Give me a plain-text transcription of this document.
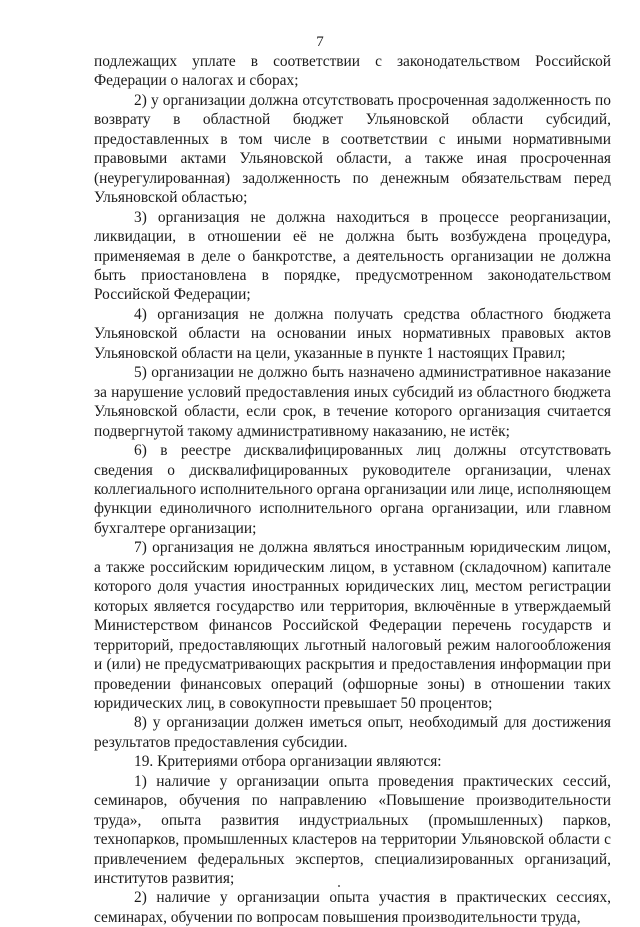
7

подлежащих уплате в соответствии с законодательством Российской Федерации о налогах и сборах;

2) у организации должна отсутствовать просроченная задолженность по возврату в областной бюджет Ульяновской области субсидий, предоставленных в том числе в соответствии с иными нормативными правовыми актами Ульяновской области, а также иная просроченная (неурегулированная) задолженность по денежным обязательствам перед Ульяновской областью;

3) организация не должна находиться в процессе реорганизации, ликвидации, в отношении её не должна быть возбуждена процедура, применяемая в деле о банкротстве, а деятельность организации не должна быть приостановлена в порядке, предусмотренном законодательством Российской Федерации;

4) организация не должна получать средства областного бюджета Ульяновской области на основании иных нормативных правовых актов Ульяновской области на цели, указанные в пункте 1 настоящих Правил;

5) организации не должно быть назначено административное наказание за нарушение условий предоставления иных субсидий из областного бюджета Ульяновской области, если срок, в течение которого организация считается подвергнутой такому административному наказанию, не истёк;

6) в реестре дисквалифицированных лиц должны отсутствовать сведения о дисквалифицированных руководителе организации, членах коллегиального исполнительного органа организации или лице, исполняющем функции единоличного исполнительного органа организации, или главном бухгалтере организации;

7) организация не должна являться иностранным юридическим лицом, а также российским юридическим лицом, в уставном (складочном) капитале которого доля участия иностранных юридических лиц, местом регистрации которых является государство или территория, включённые в утверждаемый Министерством финансов Российской Федерации перечень государств и территорий, предоставляющих льготный налоговый режим налогообложения и (или) не предусматривающих раскрытия и предоставления информации при проведении финансовых операций (офшорные зоны) в отношении таких юридических лиц, в совокупности превышает 50 процентов;

8) у организации должен иметься опыт, необходимый для достижения результатов предоставления субсидии.

19. Критериями отбора организации являются:

1) наличие у организации опыта проведения практических сессий, семинаров, обучения по направлению «Повышение производительности труда», опыта развития индустриальных (промышленных) парков, технопарков, промышленных кластеров на территории Ульяновской области с привлечением федеральных экспертов, специализированных организаций, институтов развития;

2) наличие у организации опыта участия в практических сессиях, семинарах, обучении по вопросам повышения производительности труда,
